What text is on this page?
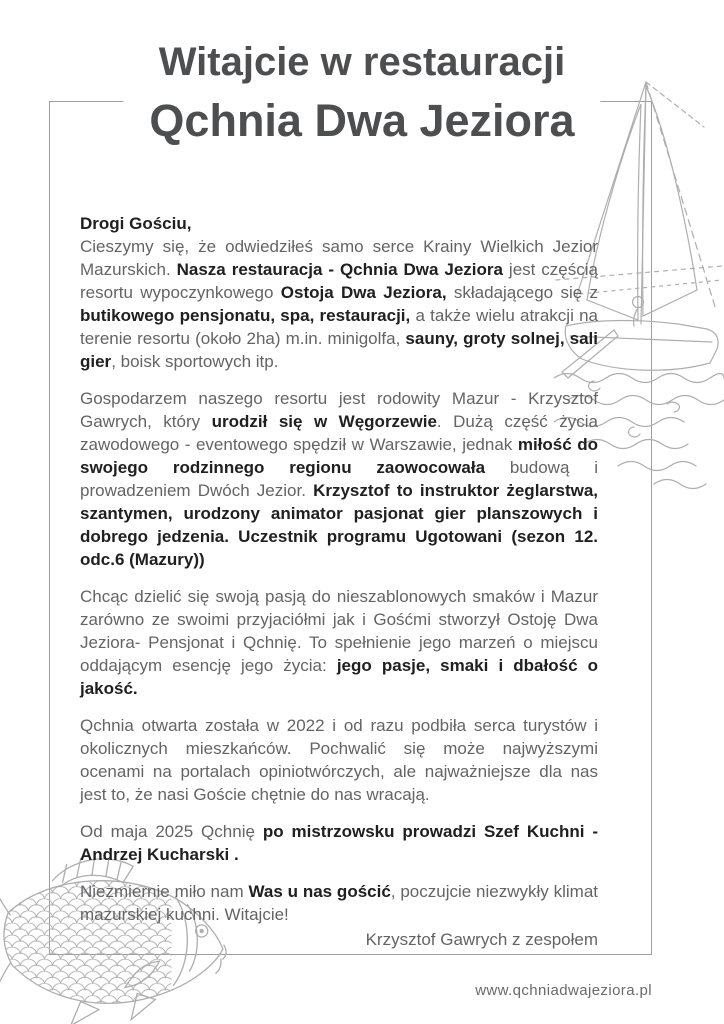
Witajcie w restauracji
Qchnia Dwa Jeziora

Drogi Gościu,

Cieszymy się, że odwiedziłeś samo serce Krainy Wielkich Jezior Mazurskich. Nasza restauracja - Qchnia Dwa Jeziora jest częścią resortu wypoczynkowego Ostoja Dwa Jeziora, składającego się z butikowego pensjonatu, spa, restauracji, a także wielu atrakcji na terenie resortu (około 2ha) m.in. minigolfa, sauny, groty solnej, sali gier, boisk sportowych itp.

Gospodarzem naszego resortu jest rodowity Mazur - Krzysztof Gawrych, który urodził się w Węgorzewie. Dużą część życia zawodowego - eventowego spędził w Warszawie, jednak miłość do swojego rodzinnego regionu zaowocowała budową i prowadzeniem Dwóch Jezior. Krzysztof to instruktor żeglarstwa, szantymen, urodzony animator pasjonat gier planszowych i dobrego jedzenia. Uczestnik programu Ugotowani (sezon 12. odc.6 (Mazury))

Chcąc dzielić się swoją pasją do nieszablonowych smaków i Mazur zarówno ze swoimi przyjaciółmi jak i Gośćmi stworzył Ostoję Dwa Jeziora- Pensjonat i Qchnię. To spełnienie jego marzeń o miejscu oddającym esencję jego życia: jego pasje, smaki i dbałość o jakość.

Qchnia otwarta została w 2022 i od razu podbiła serca turystów i okolicznych mieszkańców. Pochwalić się może najwyższymi ocenami na portalach opiniotwórczych, ale najważniejsze dla nas jest to, że nasi Goście chętnie do nas wracają.

Od maja 2025 Qchnię po mistrzowsku prowadzi Szef Kuchni - Andrzej Kucharski .

Niezmiernie miło nam Was u nas gościć, poczujcie niezwykły klimat mazurskiej kuchni. Witajcie!

Krzysztof Gawrych z zespołem

www.qchniadwajeziora.pl
